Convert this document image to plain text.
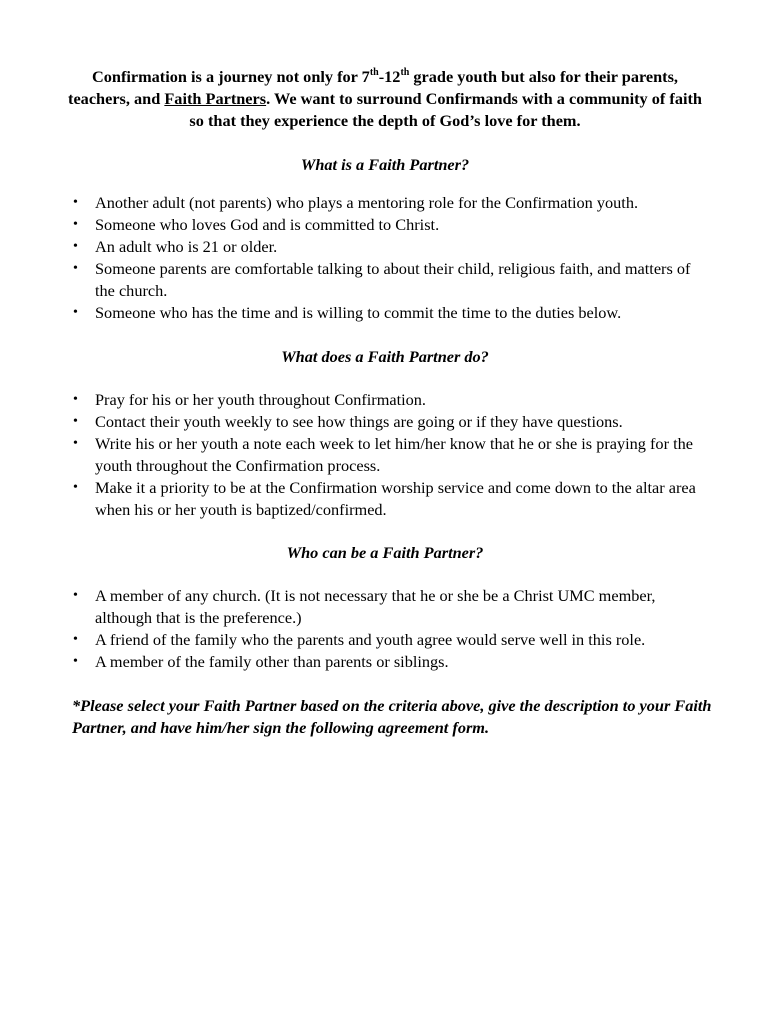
Confirmation is a journey not only for 7th-12th grade youth but also for their parents, teachers, and Faith Partners. We want to surround Confirmands with a community of faith so that they experience the depth of God’s love for them.
What is a Faith Partner?
• Another adult (not parents) who plays a mentoring role for the Confirmation youth.
• Someone who loves God and is committed to Christ.
• An adult who is 21 or older.
• Someone parents are comfortable talking to about their child, religious faith, and matters of the church.
• Someone who has the time and is willing to commit the time to the duties below.
What does a Faith Partner do?
• Pray for his or her youth throughout Confirmation.
• Contact their youth weekly to see how things are going or if they have questions.
• Write his or her youth a note each week to let him/her know that he or she is praying for the youth throughout the Confirmation process.
• Make it a priority to be at the Confirmation worship service and come down to the altar area when his or her youth is baptized/confirmed.
Who can be a Faith Partner?
• A member of any church. (It is not necessary that he or she be a Christ UMC member, although that is the preference.)
• A friend of the family who the parents and youth agree would serve well in this role.
• A member of the family other than parents or siblings.
*Please select your Faith Partner based on the criteria above, give the description to your Faith Partner, and have him/her sign the following agreement form.
